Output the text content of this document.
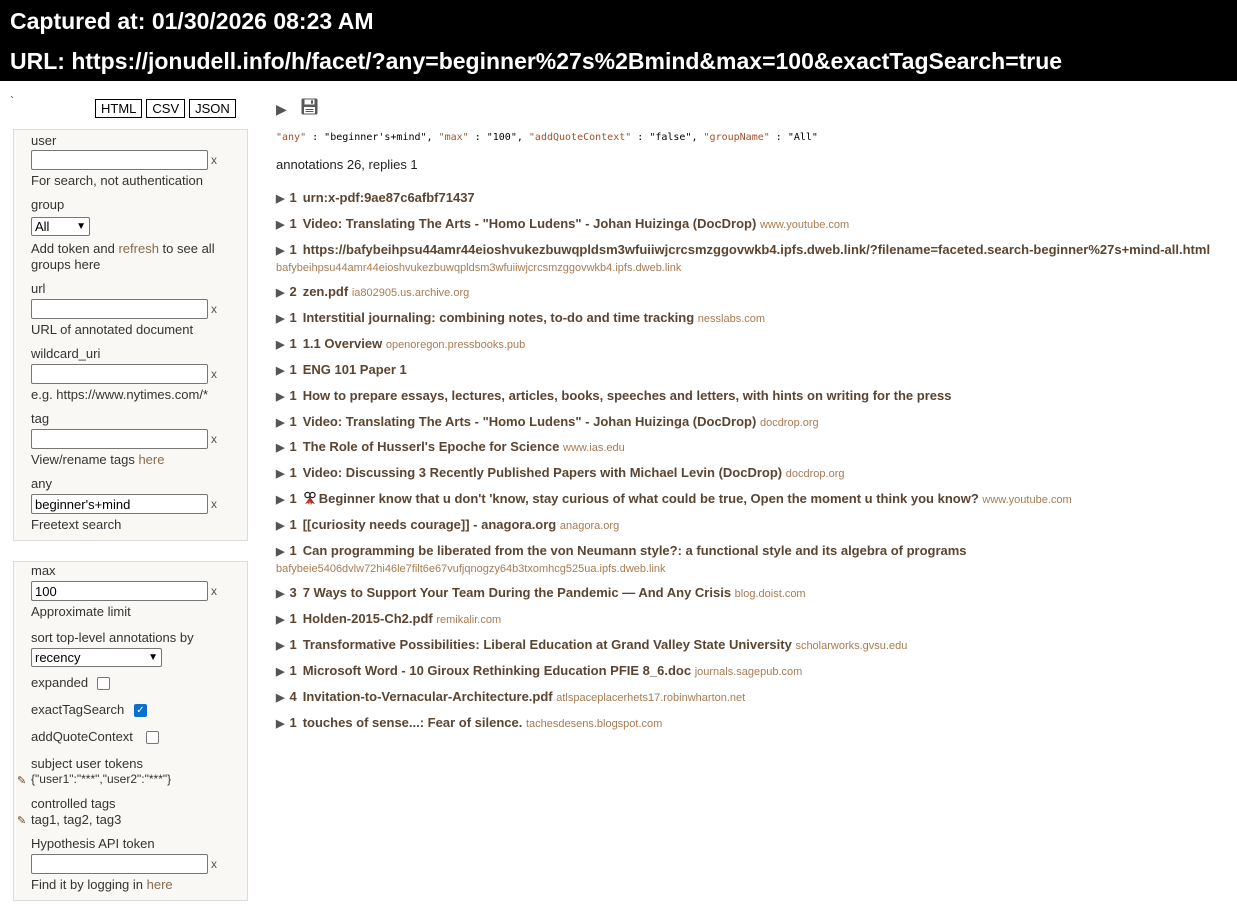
Captured at: 01/30/2026 08:23 AM
URL: https://jonudell.info/h/facet/?any=beginner%27s%2Bmind&max=100&exactTagSearch=true
`	HTML	CSV	JSON
user
x
For search, not authentication
group
All	▼
Add token and refresh to see all
groups here
url
x
URL of annotated document
wildcard_uri
x
e.g. https://www.nytimes.com/*
tag
x
View/rename tags here
any
beginner's+mind
x
Freetext search
max
100
x
Approximate limit
sort top-level annotations by
recency	▼
expanded
exactTagSearch ✓
addQuoteContext
subject user tokens
✎ {"user1":"***","user2":"***"}
controlled tags
✎ tag1, tag2, tag3
Hypothesis API token
x
Find it by logging in here
▶
"any" : "beginner's+mind", "max" : "100", "addQuoteContext" : "false", "groupName" : "All"
annotations 26, replies 1
▶ 1 urn:x-pdf:9ae87c6afbf71437
▶ 1 Video: Translating The Arts - "Homo Ludens" - Johan Huizinga (DocDrop) www.youtube.com
▶ 1 https://bafybeihpsu44amr44eioshvukezbuwqpldsm3wfuiiwjcrcsmzggovwkb4.ipfs.dweb.link/?filename=faceted.search-beginner%27s+mind-all.html bafybeihpsu44amr44eioshvukezbuwqpldsm3wfuiiwjcrcsmzggovwkb4.ipfs.dweb.link
▶ 2 zen.pdf ia802905.us.archive.org
▶ 1 Interstitial journaling: combining notes, to-do and time tracking nesslabs.com
▶ 1 1.1 Overview openoregon.pressbooks.pub
▶ 1 ENG 101 Paper 1
▶ 1 How to prepare essays, lectures, articles, books, speeches and letters, with hints on writing for the press
▶ 1 Video: Translating The Arts - "Homo Ludens" - Johan Huizinga (DocDrop) docdrop.org
▶ 1 The Role of Husserl's Epoche for Science www.ias.edu
▶ 1 Video: Discussing 3 Recently Published Papers with Michael Levin (DocDrop) docdrop.org
▶ 1 Beginner know that u don't 'know, stay curious of what could be true, Open the moment u think you know? www.youtube.com
▶ 1 [[curiosity needs courage]] - anagora.org anagora.org
▶ 1 Can programming be liberated from the von Neumann style?: a functional style and its algebra of programs bafybeie5406dvlw72hi46le7filt6e67vufjqnogzy64b3txomhcg525ua.ipfs.dweb.link
▶ 3 7 Ways to Support Your Team During the Pandemic — And Any Crisis blog.doist.com
▶ 1 Holden-2015-Ch2.pdf remikalir.com
▶ 1 Transformative Possibilities: Liberal Education at Grand Valley State University scholarworks.gvsu.edu
▶ 1 Microsoft Word - 10 Giroux Rethinking Education PFIE 8_6.doc journals.sagepub.com
▶ 4 Invitation-to-Vernacular-Architecture.pdf atlspaceplacerhets17.robinwharton.net
▶ 1 touches of sense...: Fear of silence. tachesdesens.blogspot.com
